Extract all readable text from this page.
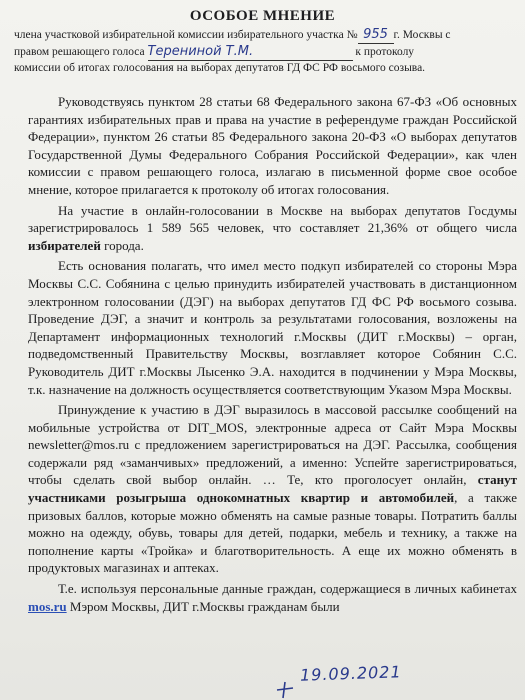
ОСОБОЕ МНЕНИЕ
члена участковой избирательной комиссии избирательного участка № 955 г. Москвы с
правом решающего голоса Терениной Т.М.	к протоколу
комиссии об итогах голосования на выборах депутатов ГД ФС РФ восьмого созыва.

Руководствуясь пунктом 28 статьи 68 Федерального закона 67-ФЗ «Об основных гарантиях избирательных прав и права на участие в референдуме граждан Российской Федерации», пунктом 26 статьи 85 Федерального закона 20-ФЗ «О выборах депутатов Государственной Думы Федерального Собрания Российской Федерации», как член комиссии с правом решающего голоса, излагаю в письменной форме свое особое мнение, которое прилагается к протоколу об итогах голосования.

На участие в онлайн-голосовании в Москве на выборах депутатов Госдумы зарегистрировалось 1 589 565 человек, что составляет 21,36% от общего числа избирателей города.

Есть основания полагать, что имел место подкуп избирателей со стороны Мэра Москвы С.С. Собянина с целью принудить избирателей участвовать в дистанционном электронном голосовании (ДЭГ) на выборах депутатов ГД ФС РФ восьмого созыва. Проведение ДЭГ, а значит и контроль за результатами голосования, возложены на Департамент информационных технологий г.Москвы (ДИТ г.Москвы) – орган, подведомственный Правительству Москвы, возглавляет которое Собянин С.С. Руководитель ДИТ г.Москвы Лысенко Э.А. находится в подчинении у Мэра Москвы, т.к. назначение на должность осуществляется соответствующим Указом Мэра Москвы.

Принуждение к участию в ДЭГ выразилось в массовой рассылке сообщений на мобильные устройства от DIT_MOS, электронные адреса от Сайт Мэра Москвы newsletter@mos.ru с предложением зарегистрироваться на ДЭГ. Рассылка, сообщения содержали ряд «заманчивых» предложений, а именно: Успейте зарегистрироваться, чтобы сделать свой выбор онлайн. … Те, кто проголосует онлайн, станут участниками розыгрыша однокомнатных квартир и автомобилей, а также призовых баллов, которые можно обменять на самые разные товары. Потратить баллы можно на одежду, обувь, товары для детей, подарки, мебель и технику, а также на пополнение карты «Тройка» и благотворительность. А еще их можно обменять в продуктовых магазинах и аптеках.

Т.е. используя персональные данные граждан, содержащиеся в личных кабинетах mos.ru Мэром Москвы, ДИТ г.Москвы гражданам были

19.09.2021
